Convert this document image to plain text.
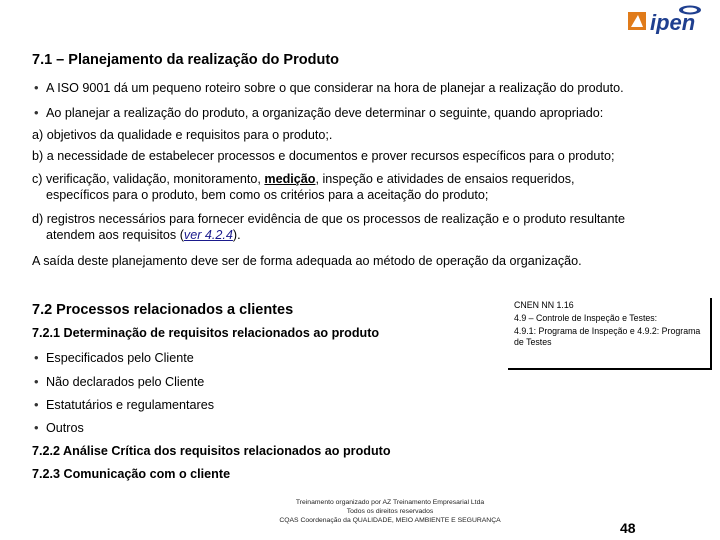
ipen
7.1 – Planejamento da realização do Produto
• A ISO 9001 dá um pequeno roteiro sobre o que considerar na hora de planejar a realização do produto.
• Ao planejar a realização do produto, a organização deve determinar o seguinte, quando apropriado:
a) objetivos da qualidade e requisitos para o produto;.
b) a necessidade de estabelecer processos e documentos e prover recursos específicos para o produto;
c) verificação, validação, monitoramento, medição, inspeção e atividades de ensaios requeridos,
específicos para o produto, bem como os critérios para a aceitação do produto;
d) registros necessários para fornecer evidência de que os processos de realização e o produto resultante
atendem aos requisitos (ver 4.2.4).
A saída deste planejamento deve ser de forma adequada ao método de operação da organização.
7.2 Processos relacionados a clientes
7.2.1 Determinação de requisitos relacionados ao produto
• Especificados pelo Cliente
• Não declarados pelo Cliente
• Estatutários e regulamentares
• Outros
7.2.2 Análise Crítica dos requisitos relacionados ao produto
7.2.3 Comunicação com o cliente
CNEN NN 1.16
4.9 – Controle de Inspeção e Testes:
4.9.1: Programa de Inspeção e 4.9.2: Programa de Testes
Treinamento organizado por AZ Treinamento Empresarial Ltda
Todos os direitos reservados
CQAS Coordenação da QUALIDADE, MEIO AMBIENTE E SEGURANÇA	48
